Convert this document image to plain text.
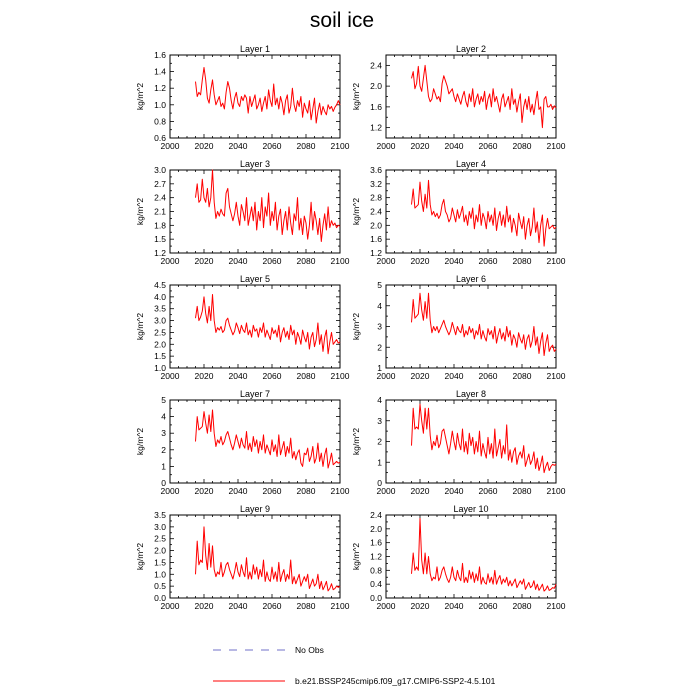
soil ice
Layer 1
2000 2020 2040 2060 2080 2100
0.6
0.8
1.0
1.2
1.4
1.6
kg/m^2
Layer 2
2000 2020 2040 2060 2080 2100
1.2
1.6
2.0
2.4
kg/m^2
Layer 3
2000 2020 2040 2060 2080 2100
1.2
1.5
1.8
2.1
2.4
2.7
3.0
kg/m^2
Layer 4
2000 2020 2040 2060 2080 2100
1.2
1.6
2.0
2.4
2.8
3.2
3.6
kg/m^2
Layer 5
2000 2020 2040 2060 2080 2100
1.0
1.5
2.0
2.5
3.0
3.5
4.0
4.5
kg/m^2
Layer 6
2000 2020 2040 2060 2080 2100
1
2
3
4
5
kg/m^2
Layer 7
2000 2020 2040 2060 2080 2100
0
1
2
3
4
5
kg/m^2
Layer 8
2000 2020 2040 2060 2080 2100
0
1
2
3
4
kg/m^2
Layer 9
2000 2020 2040 2060 2080 2100
0.0
0.5
1.0
1.5
2.0
2.5
3.0
3.5
kg/m^2
Layer 10
2000 2020 2040 2060 2080 2100
0.0
0.4
0.8
1.2
1.6
2.0
2.4
kg/m^2
No Obs
b.e21.BSSP245cmip6.f09_g17.CMIP6-SSP2-4.5.101
